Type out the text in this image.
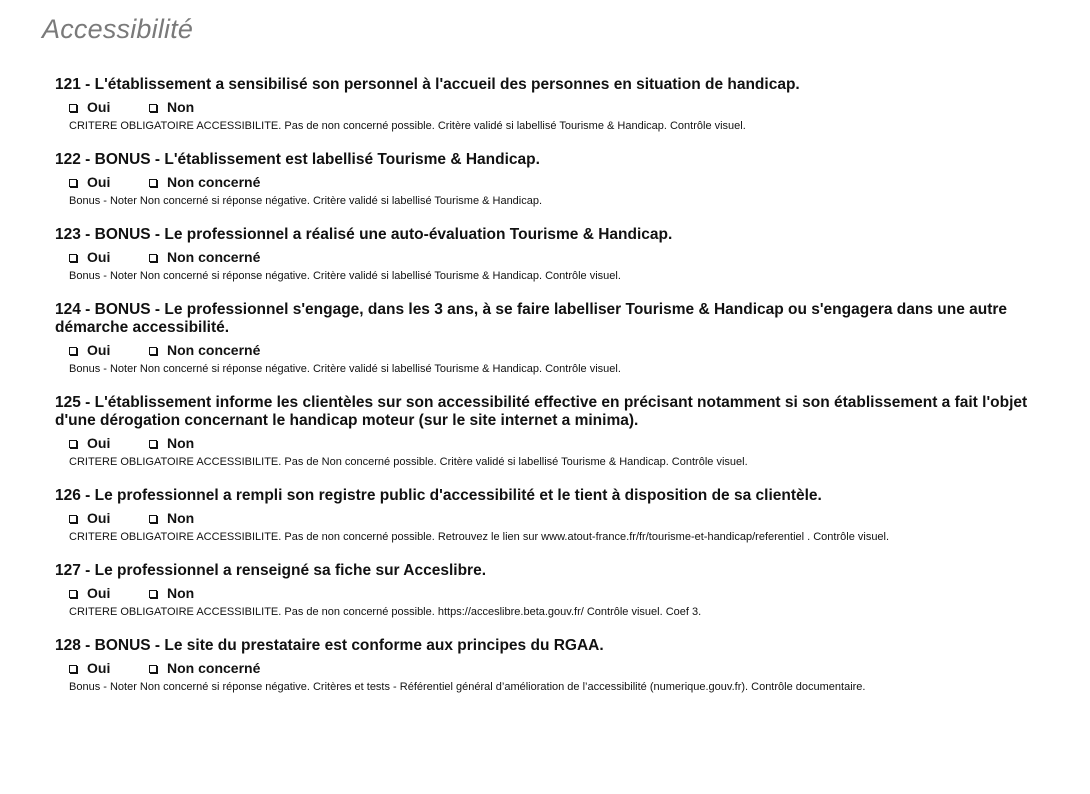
Accessibilité

121 - L'établissement a sensibilisé son personnel à l'accueil des personnes en situation de handicap.

Oui	Non

CRITERE OBLIGATOIRE ACCESSIBILITE. Pas de non concerné possible. Critère validé si labellisé Tourisme & Handicap. Contrôle visuel.

122 - BONUS - L'établissement est labellisé Tourisme & Handicap.

Oui	Non concerné

Bonus - Noter Non concerné si réponse négative. Critère validé si labellisé Tourisme & Handicap.

123 - BONUS - Le professionnel a réalisé une auto-évaluation Tourisme & Handicap.

Oui	Non concerné

Bonus - Noter Non concerné si réponse négative. Critère validé si labellisé Tourisme & Handicap. Contrôle visuel.

124 - BONUS - Le professionnel s'engage, dans les 3 ans, à se faire labelliser Tourisme & Handicap ou s'engagera dans une autre démarche accessibilité.

Oui	Non concerné

Bonus - Noter Non concerné si réponse négative. Critère validé si labellisé Tourisme & Handicap. Contrôle visuel.

125 - L'établissement informe les clientèles sur son accessibilité effective en précisant notamment si son établissement a fait l'objet d'une dérogation concernant le handicap moteur (sur le site internet a minima).

Oui	Non

CRITERE OBLIGATOIRE ACCESSIBILITE. Pas de Non concerné possible. Critère validé si labellisé Tourisme & Handicap. Contrôle visuel.

126 - Le professionnel a rempli son registre public d'accessibilité et le tient à disposition de sa clientèle.

Oui	Non

CRITERE OBLIGATOIRE ACCESSIBILITE. Pas de non concerné possible. Retrouvez le lien sur www.atout-france.fr/fr/tourisme-et-handicap/referentiel . Contrôle visuel.

127 - Le professionnel a renseigné sa fiche sur Acceslibre.

Oui	Non

CRITERE OBLIGATOIRE ACCESSIBILITE. Pas de non concerné possible. https://acceslibre.beta.gouv.fr/ Contrôle visuel. Coef 3.

128 - BONUS - Le site du prestataire est conforme aux principes du RGAA.

Oui	Non concerné

Bonus - Noter Non concerné si réponse négative. Critères et tests - Référentiel général d’amélioration de l’accessibilité (numerique.gouv.fr). Contrôle documentaire.
